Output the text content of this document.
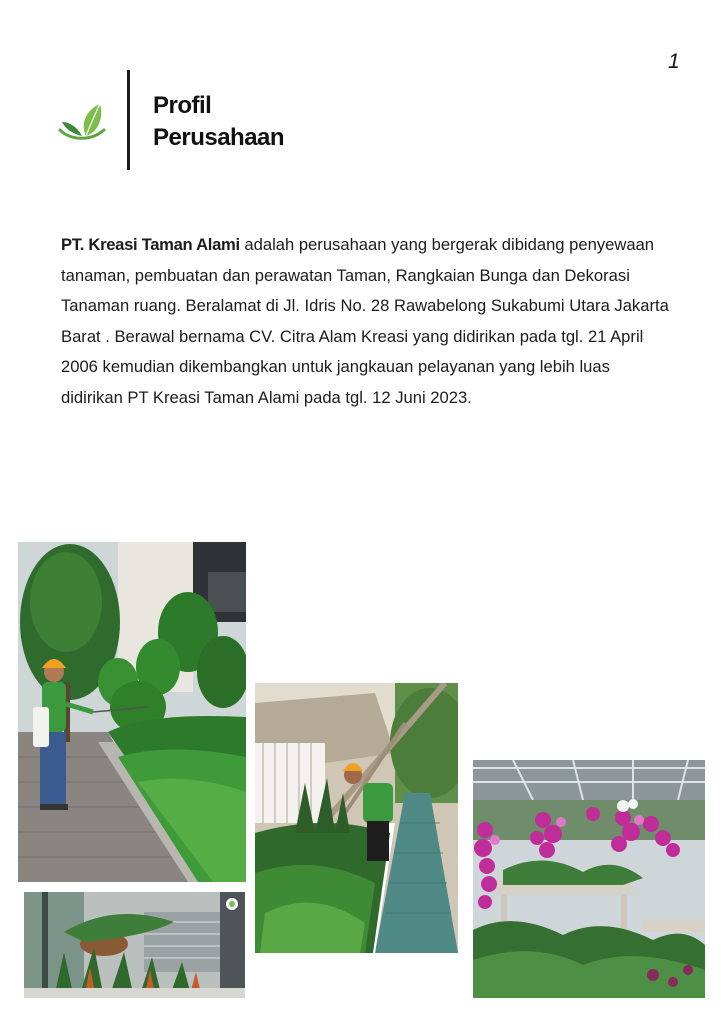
1
Profil
Perusahaan
PT. Kreasi Taman Alami adalah perusahaan yang bergerak dibidang penyewaan tanaman, pembuatan dan perawatan Taman, Rangkaian Bunga dan Dekorasi Tanaman ruang. Beralamat di Jl. Idris No. 28 Rawabelong Sukabumi Utara Jakarta Barat . Berawal bernama CV. Citra Alam Kreasi yang didirikan pada tgl. 21 April 2006 kemudian dikembangkan untuk jangkauan pelayanan yang lebih luas didirikan PT Kreasi Taman Alami pada tgl. 12 Juni 2023.
